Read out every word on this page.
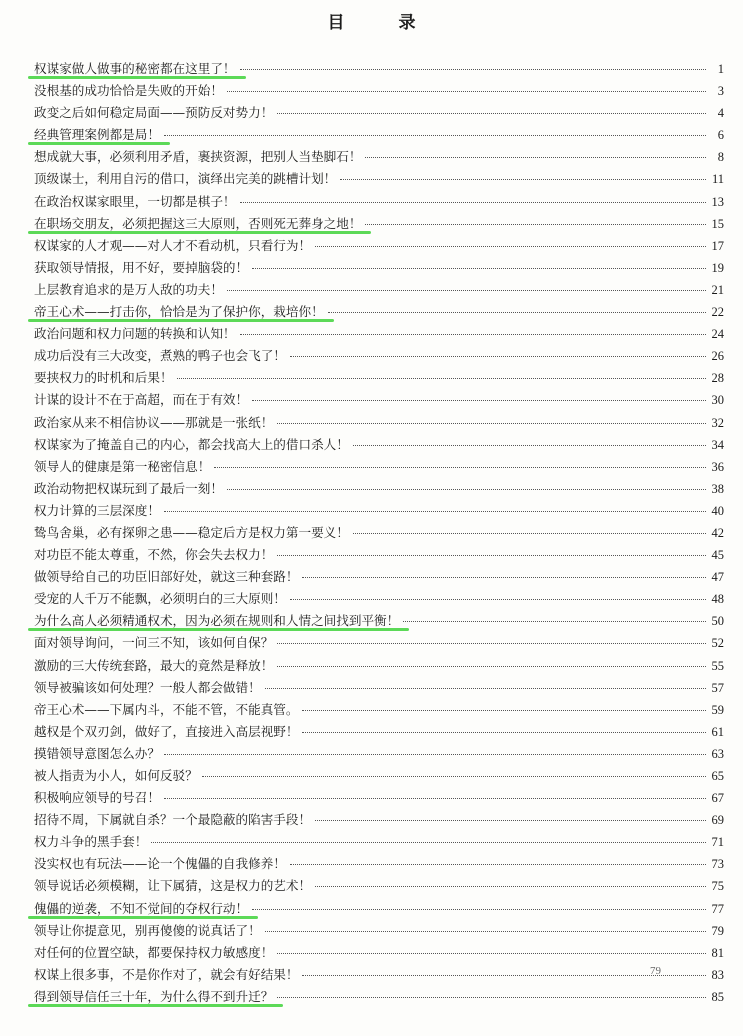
目 录
权谋家做人做事的秘密都在这里了！	1
没根基的成功恰恰是失败的开始！	3
政变之后如何稳定局面——预防反对势力！	4
经典管理案例都是局！	6
想成就大事，必须利用矛盾，裹挟资源，把别人当垫脚石！	8
顶级谋士，利用自污的借口，演绎出完美的跳槽计划！	11
在政治权谋家眼里，一切都是棋子！	13
在职场交朋友，必须把握这三大原则，否则死无葬身之地！	15
权谋家的人才观——对人才不看动机，只看行为！	17
获取领导情报，用不好，要掉脑袋的！	19
上层教育追求的是万人敌的功夫！	21
帝王心术——打击你，恰恰是为了保护你，栽培你！	22
政治问题和权力问题的转换和认知！	24
成功后没有三大改变，煮熟的鸭子也会飞了！	26
要挟权力的时机和后果！	28
计谋的设计不在于高超，而在于有效！	30
政治家从来不相信协议——那就是一张纸！	32
权谋家为了掩盖自己的内心，都会找高大上的借口杀人！	34
领导人的健康是第一秘密信息！	36
政治动物把权谋玩到了最后一刻！	38
权力计算的三层深度！	40
鸷鸟舍巢，必有探卵之患——稳定后方是权力第一要义！	42
对功臣不能太尊重，不然，你会失去权力！	45
做领导给自己的功臣旧部好处，就这三种套路！	47
受宠的人千万不能飘，必须明白的三大原则！	48
为什么高人必须精通权术，因为必须在规则和人情之间找到平衡！	50
面对领导询问，一问三不知，该如何自保？	52
激励的三大传统套路，最大的竟然是释放！	55
领导被骗该如何处理？一般人都会做错！	57
帝王心术——下属内斗，不能不管，不能真管。	59
越权是个双刃剑，做好了，直接进入高层视野！	61
摸错领导意图怎么办？	63
被人指责为小人，如何反驳？	65
积极响应领导的号召！	67
招待不周，下属就自杀？一个最隐蔽的陷害手段！	69
权力斗争的黑手套！	71
没实权也有玩法——论一个傀儡的自我修养！	73
领导说话必须模糊，让下属猜，这是权力的艺术！	75
傀儡的逆袭，不知不觉间的夺权行动！	77
领导让你提意见，别再傻傻的说真话了！	79
对任何的位置空缺，都要保持权力敏感度！	81
权谋上很多事，不是你作对了，就会有好结果！	83
得到领导信任三十年，为什么得不到升迁？	85
79
